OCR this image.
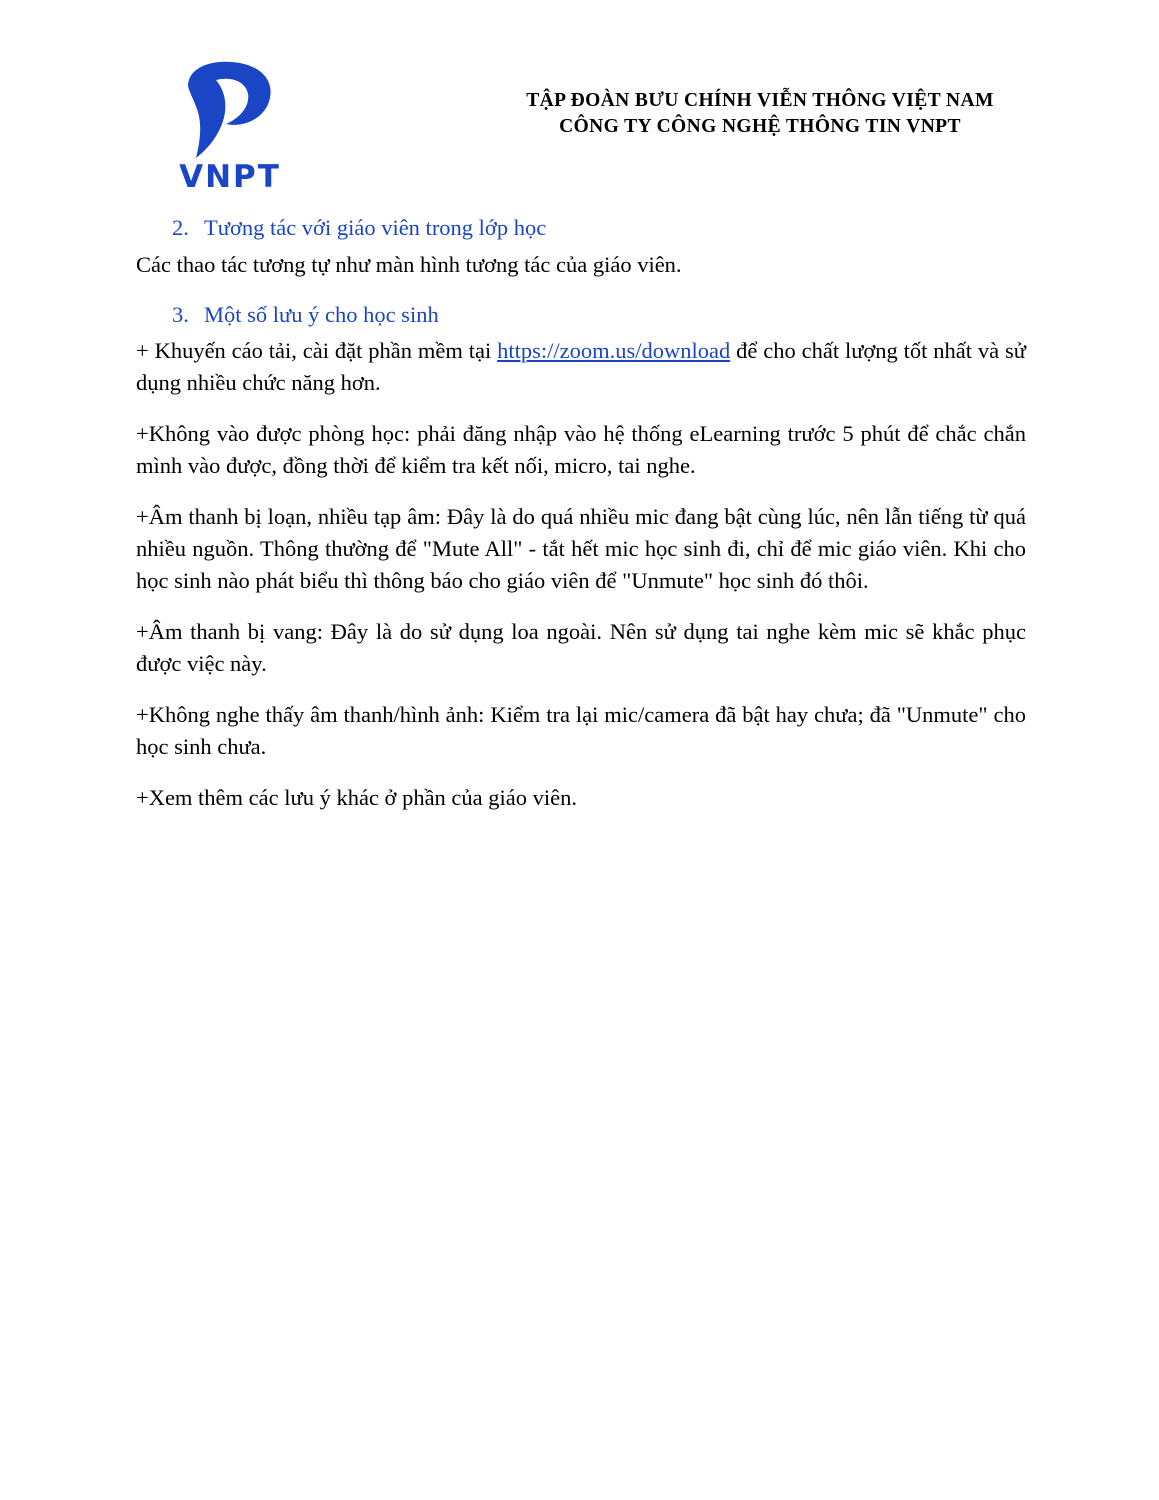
VNPT
TẬP ĐOÀN BƯU CHÍNH VIỄN THÔNG VIỆT NAM
CÔNG TY CÔNG NGHỆ THÔNG TIN VNPT
2. Tương tác với giáo viên trong lớp học

Các thao tác tương tự như màn hình tương tác của giáo viên.

3. Một số lưu ý cho học sinh

+ Khuyến cáo tải, cài đặt phần mềm tại https://zoom.us/download để cho chất lượng tốt nhất và sử dụng nhiều chức năng hơn.

+Không vào được phòng học: phải đăng nhập vào hệ thống eLearning trước 5 phút để chắc chắn mình vào được, đồng thời để kiểm tra kết nối, micro, tai nghe.

+Âm thanh bị loạn, nhiều tạp âm: Đây là do quá nhiều mic đang bật cùng lúc, nên lẫn tiếng từ quá nhiều nguồn. Thông thường để "Mute All" - tắt hết mic học sinh đi, chỉ để mic giáo viên. Khi cho học sinh nào phát biểu thì thông báo cho giáo viên để "Unmute" học sinh đó thôi.

+Âm thanh bị vang: Đây là do sử dụng loa ngoài. Nên sử dụng tai nghe kèm mic sẽ khắc phục được việc này.

+Không nghe thấy âm thanh/hình ảnh: Kiểm tra lại mic/camera đã bật hay chưa; đã "Unmute" cho học sinh chưa.

+Xem thêm các lưu ý khác ở phần của giáo viên.
